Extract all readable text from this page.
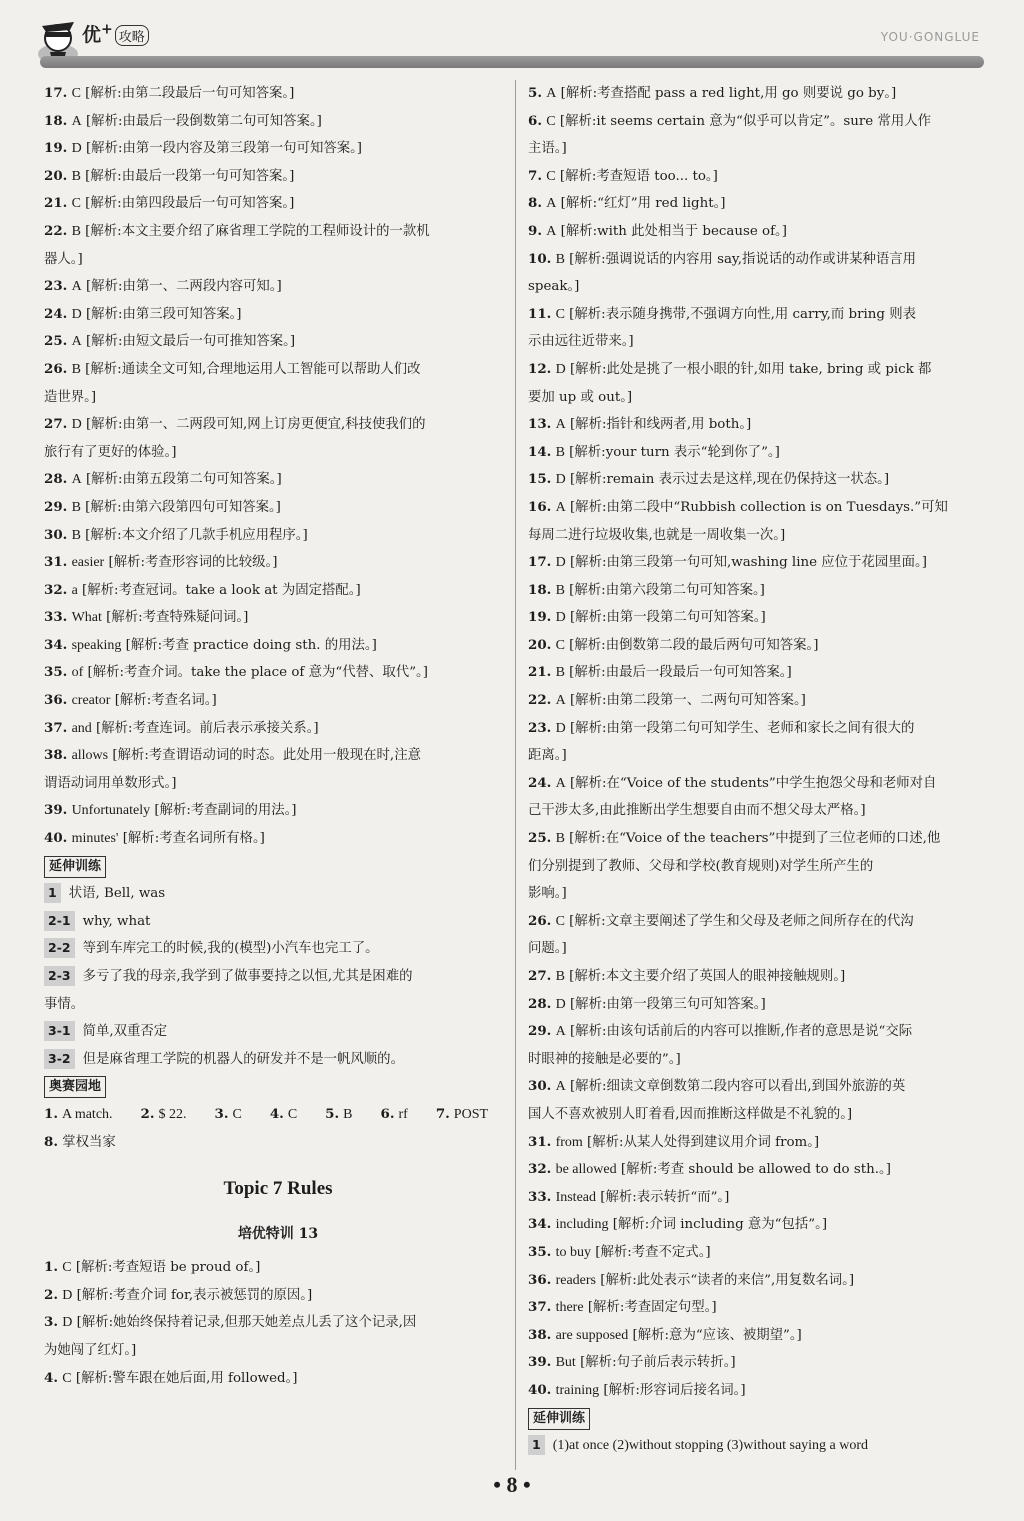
优+ 攻略	YOU·GONGLUE
17. C [解析:由第二段最后一句可知答案。]
18. A [解析:由最后一段倒数第二句可知答案。]
19. D [解析:由第一段内容及第三段第一句可知答案。]
20. B [解析:由最后一段第一句可知答案。]
21. C [解析:由第四段最后一句可知答案。]
22. B [解析:本文主要介绍了麻省理工学院的工程师设计的一款机
器人。]
23. A [解析:由第一、二两段内容可知。]
24. D [解析:由第三段可知答案。]
25. A [解析:由短文最后一句可推知答案。]
26. B [解析:通读全文可知,合理地运用人工智能可以帮助人们改
造世界。]
27. D [解析:由第一、二两段可知,网上订房更便宜,科技使我们的
旅行有了更好的体验。]
28. A [解析:由第五段第二句可知答案。]
29. B [解析:由第六段第四句可知答案。]
30. B [解析:本文介绍了几款手机应用程序。]
31. easier [解析:考查形容词的比较级。]
32. a [解析:考查冠词。take a look at 为固定搭配。]
33. What [解析:考查特殊疑问词。]
34. speaking [解析:考查 practice doing sth. 的用法。]
35. of [解析:考查介词。take the place of 意为“代替、取代”。]
36. creator [解析:考查名词。]
37. and [解析:考查连词。前后表示承接关系。]
38. allows [解析:考查谓语动词的时态。此处用一般现在时,注意
谓语动词用单数形式。]
39. Unfortunately [解析:考查副词的用法。]
40. minutes' [解析:考查名词所有格。]
延伸训练
1 状语, Bell, was
2-1 why, what
2-2 等到车库完工的时候,我的(模型)小汽车也完工了。
2-3 多亏了我的母亲,我学到了做事要持之以恒,尤其是困难的
事情。
3-1 简单,双重否定
3-2 但是麻省理工学院的机器人的研发并不是一帆风顺的。
奥赛园地
1. A match. 2. $ 22. 3. C 4. C 5. B 6. rf 7. POST
8. 掌权当家
Topic 7 Rules
培优特训 13
1. C [解析:考查短语 be proud of。]
2. D [解析:考查介词 for,表示被惩罚的原因。]
3. D [解析:她始终保持着记录,但那天她差点儿丢了这个记录,因
为她闯了红灯。]
4. C [解析:警车跟在她后面,用 followed。]
5. A [解析:考查搭配 pass a red light,用 go 则要说 go by。]
6. C [解析:it seems certain 意为“似乎可以肯定”。sure 常用人作
主语。]
7. C [解析:考查短语 too... to。]
8. A [解析:“红灯”用 red light。]
9. A [解析:with 此处相当于 because of。]
10. B [解析:强调说话的内容用 say,指说话的动作或讲某种语言用
speak。]
11. C [解析:表示随身携带,不强调方向性,用 carry,而 bring 则表
示由远往近带来。]
12. D [解析:此处是挑了一根小眼的针,如用 take, bring 或 pick 都
要加 up 或 out。]
13. A [解析:指针和线两者,用 both。]
14. B [解析:your turn 表示“轮到你了”。]
15. D [解析:remain 表示过去是这样,现在仍保持这一状态。]
16. A [解析:由第二段中“Rubbish collection is on Tuesdays.”可知
每周二进行垃圾收集,也就是一周收集一次。]
17. D [解析:由第三段第一句可知,washing line 应位于花园里面。]
18. B [解析:由第六段第二句可知答案。]
19. D [解析:由第一段第二句可知答案。]
20. C [解析:由倒数第二段的最后两句可知答案。]
21. B [解析:由最后一段最后一句可知答案。]
22. A [解析:由第二段第一、二两句可知答案。]
23. D [解析:由第一段第二句可知学生、老师和家长之间有很大的
距离。]
24. A [解析:在“Voice of the students”中学生抱怨父母和老师对自
己干涉太多,由此推断出学生想要自由而不想父母太严格。]
25. B [解析:在“Voice of the teachers”中提到了三位老师的口述,他
们分别提到了教师、父母和学校(教育规则)对学生所产生的
影响。]
26. C [解析:文章主要阐述了学生和父母及老师之间所存在的代沟
问题。]
27. B [解析:本文主要介绍了英国人的眼神接触规则。]
28. D [解析:由第一段第三句可知答案。]
29. A [解析:由该句话前后的内容可以推断,作者的意思是说“交际
时眼神的接触是必要的”。]
30. A [解析:细读文章倒数第二段内容可以看出,到国外旅游的英
国人不喜欢被别人盯着看,因而推断这样做是不礼貌的。]
31. from [解析:从某人处得到建议用介词 from。]
32. be allowed [解析:考查 should be allowed to do sth.。]
33. Instead [解析:表示转折“而”。]
34. including [解析:介词 including 意为“包括”。]
35. to buy [解析:考查不定式。]
36. readers [解析:此处表示“读者的来信”,用复数名词。]
37. there [解析:考查固定句型。]
38. are supposed [解析:意为“应该、被期望”。]
39. But [解析:句子前后表示转折。]
40. training [解析:形容词后接名词。]
延伸训练
1 (1)at once (2)without stopping (3)without saying a word
• 8 •
